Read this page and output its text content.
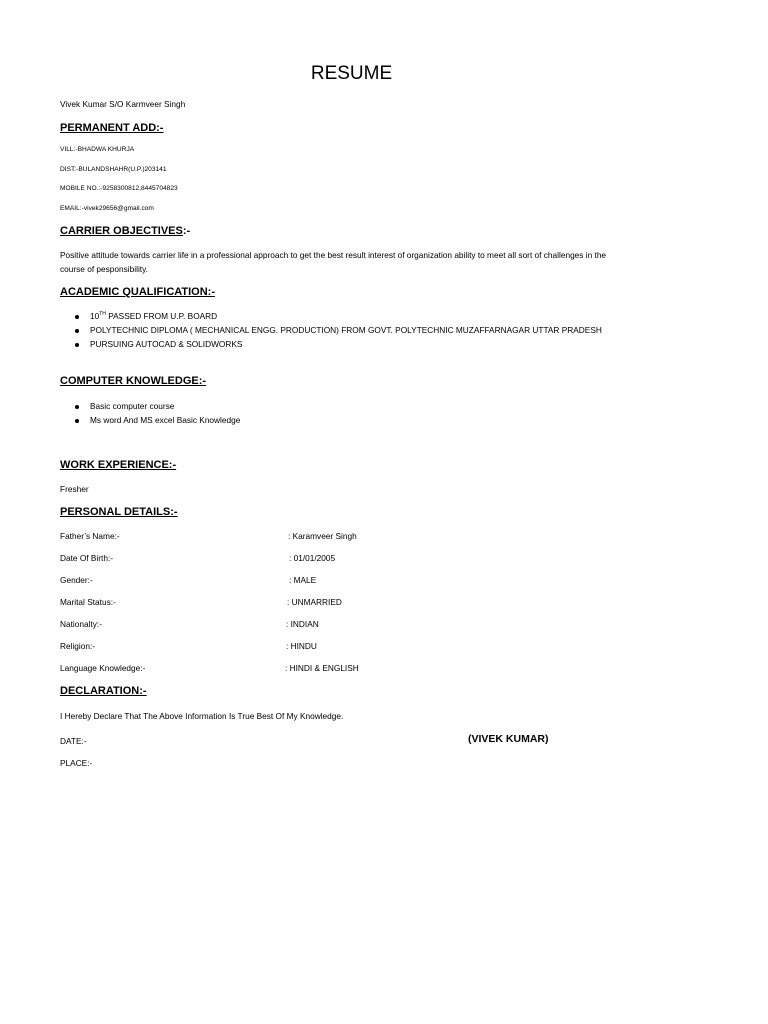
RESUME
Vivek Kumar S/O Karmveer Singh
PERMANENT ADD:-
VILL:-BHADWA KHURJA
DIST:-BULANDSHAHR(U.P.)203141
MOBILE NO.:-9258300812,8445704823
EMAIL:-vivek29656@gmail.com
CARRIER OBJECTIVES:-
Positive attitude towards carrier life in a professional approach to get the best result interest of organization ability to meet all sort of challenges in the
course of pesponsibility.
ACADEMIC QUALIFICATION:-
10TH PASSED FROM U.P. BOARD
POLYTECHNIC DIPLOMA ( MECHANICAL ENGG. PRODUCTION) FROM GOVT. POLYTECHNIC MUZAFFARNAGAR UTTAR PRADESH
PURSUING AUTOCAD & SOLIDWORKS
COMPUTER KNOWLEDGE:-
Basic computer course
Ms word And MS excel Basic Knowledge
WORK EXPERIENCE:-
Fresher
PERSONAL DETAILS:-
Father’s Name:-	: Karamveer Singh
Date Of Birth:-	: 01/01/2005
Gender:-	: MALE
Marital Status:-	: UNMARRIED
Nationalty:-	: INDIAN
Religion:-	: HINDU
Language Knowledge:-	: HINDI & ENGLISH
DECLARATION:-
I Hereby Declare That The Above Information Is True Best Of My Knowledge.
DATE:-	(VIVEK KUMAR)
PLACE:-
